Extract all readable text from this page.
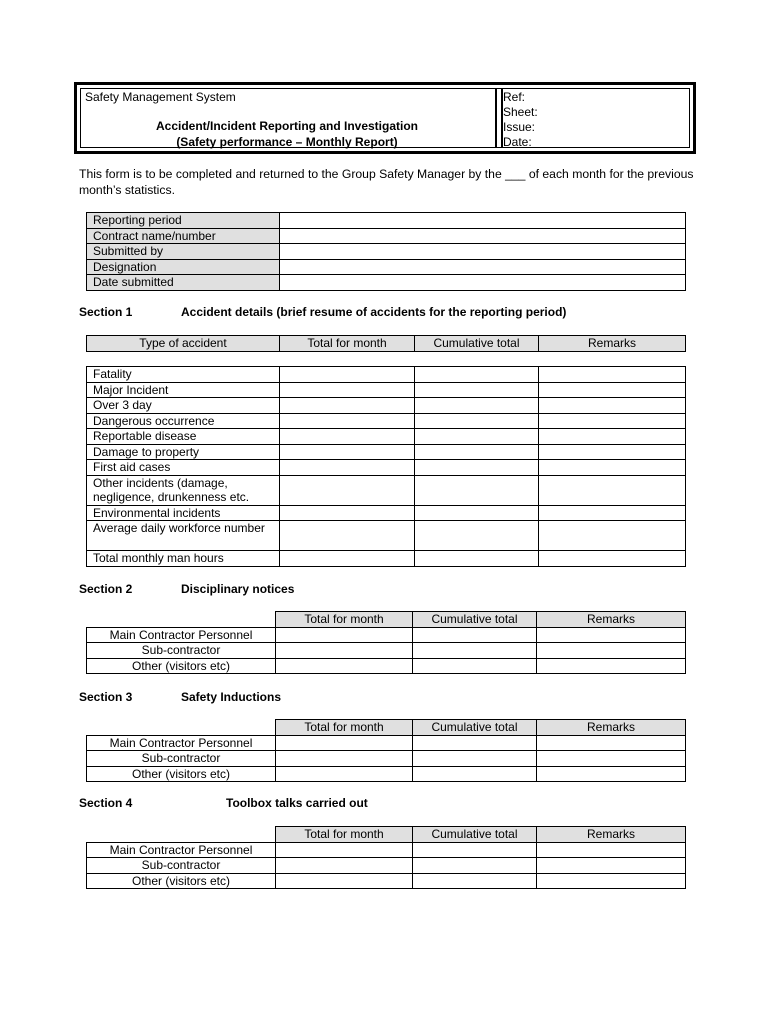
Safety Management System
Accident/Incident Reporting and Investigation
(Safety performance – Monthly Report)
Ref:
Sheet:
Issue:
Date:
This form is to be completed and returned to the Group Safety Manager by the ___ of each month for the previous month’s statistics.
Reporting period	
Contract name/number	
Submitted by	
Designation	
Date submitted	
Section 1	Accident details (brief resume of accidents for the reporting period)
Type of accident	Total for month	Cumulative total	Remarks
Fatality			
Major Incident			
Over 3 day			
Dangerous occurrence			
Reportable disease			
Damage to property			
First aid cases			
Other incidents (damage, negligence, drunkenness etc.			
Environmental incidents			
Average daily workforce number			
Total monthly man hours			
Section 2	Disciplinary notices
	Total for month	Cumulative total	Remarks
Main Contractor Personnel			
Sub-contractor			
Other (visitors etc)			
Section 3	Safety Inductions
	Total for month	Cumulative total	Remarks
Main Contractor Personnel			
Sub-contractor			
Other (visitors etc)			
Section 4	Toolbox talks carried out
	Total for month	Cumulative total	Remarks
Main Contractor Personnel			
Sub-contractor			
Other (visitors etc)			
